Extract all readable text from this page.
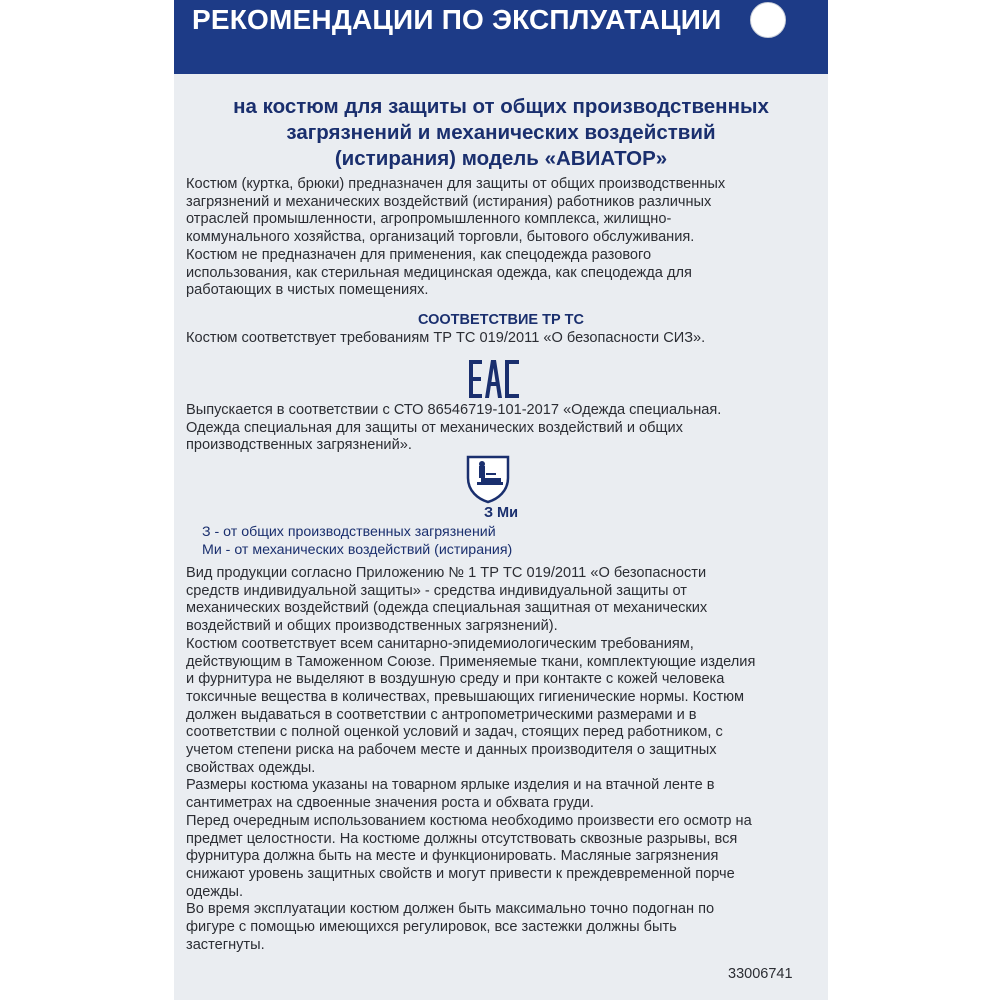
РЕКОМЕНДАЦИИ ПО ЭКСПЛУАТАЦИИ
на костюм для защиты от общих производственных
загрязнений и механических воздействий
(истирания) модель «АВИАТОР»
Костюм (куртка, брюки) предназначен для защиты от общих производственных
загрязнений и механических воздействий (истирания) работников различных
отраслей промышленности, агропромышленного комплекса, жилищно-
коммунального хозяйства, организаций торговли, бытового обслуживания.
Костюм не предназначен для применения, как спецодежда разового
использования, как стерильная медицинская одежда, как спецодежда для
работающих в чистых помещениях.
СООТВЕТСТВИЕ ТР ТС
Костюм соответствует требованиям ТР ТС 019/2011 «О безопасности СИЗ».
Выпускается в соответствии с СТО 86546719-101-2017 «Одежда специальная.
Одежда специальная для защиты от механических воздействий и общих
производственных загрязнений».
З Ми
З - от общих производственных загрязнений
Ми - от механических воздействий (истирания)
Вид продукции согласно Приложению № 1 ТР ТС 019/2011 «О безопасности
средств индивидуальной защиты» - средства индивидуальной защиты от
механических воздействий (одежда специальная защитная от механических
воздействий и общих производственных загрязнений).
Костюм соответствует всем санитарно-эпидемиологическим требованиям,
действующим в Таможенном Союзе. Применяемые ткани, комплектующие изделия
и фурнитура не выделяют в воздушную среду и при контакте с кожей человека
токсичные вещества в количествах, превышающих гигиенические нормы. Костюм
должен выдаваться в соответствии с антропометрическими размерами и в
соответствии с полной оценкой условий и задач, стоящих перед работником, с
учетом степени риска на рабочем месте и данных производителя о защитных
свойствах одежды.
Размеры костюма указаны на товарном ярлыке изделия и на втачной ленте в
сантиметрах на сдвоенные значения роста и обхвата груди.
Перед очередным использованием костюма необходимо произвести его осмотр на
предмет целостности. На костюме должны отсутствовать сквозные разрывы, вся
фурнитура должна быть на месте и функционировать. Масляные загрязнения
снижают уровень защитных свойств и могут привести к преждевременной порче
одежды.
Во время эксплуатации костюм должен быть максимально точно подогнан по
фигуре с помощью имеющихся регулировок, все застежки должны быть
застегнуты.
33006741
